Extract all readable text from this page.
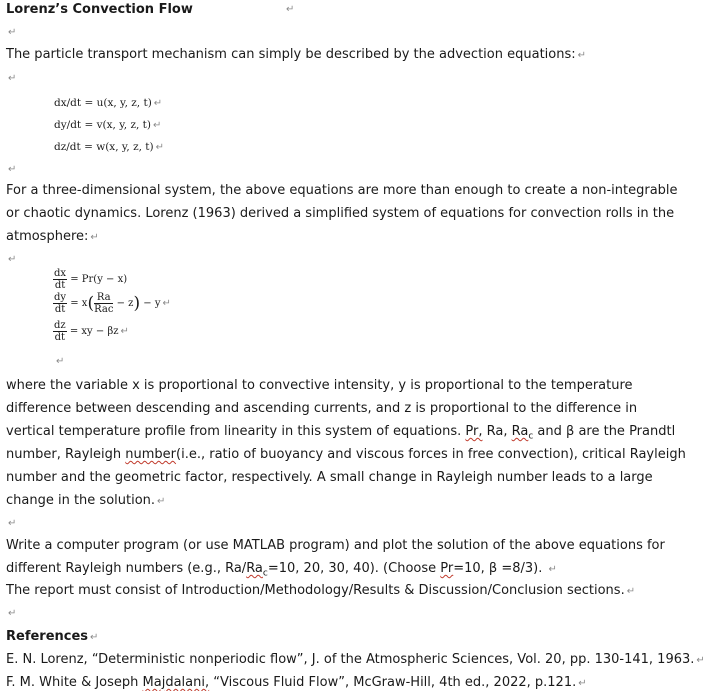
Lorenz’s Convection Flow	↵
↵
The particle transport mechanism can simply be described by the advection equations: ↵
↵
dx/dt = u(x, y, z, t) ↵
dy/dt = v(x, y, z, t) ↵
dz/dt = w(x, y, z, t) ↵
↵
For a three-dimensional system, the above equations are more than enough to create a non-integrable
or chaotic dynamics. Lorenz (1963) derived a simplified system of equations for convection rolls in the
atmosphere: ↵
↵
$\frac{dx}{dt} = Pr(y - x)$
$\frac{dy}{dt} = x( \frac{Ra}{\text{Rac}} - z) - y$ ↵
$\frac{dz}{dt}$ = xy − βz ↵
↵
where the variable x is proportional to convective intensity, y is proportional to the temperature
difference between descending and ascending currents, and z is proportional to the difference in
vertical temperature profile from linearity in this system of equations. Pr, Ra, $Ra_c$ and β are the Prandtl
number, Rayleigh number(i.e., ratio of buoyancy and viscous forces in free convection), critical Rayleigh
number and the geometric factor, respectively. A small change in Rayleigh number leads to a large
change in the solution. ↵
↵
Write a computer program (or use MATLAB program) and plot the solution of the above equations for
different Rayleigh numbers (e.g., $Ra/Ra_c=10$, 20, 30, 40). (Choose Pr=10, β =8/3). ↵
The report must consist of Introduction/Methodology/Results & Discussion/Conclusion sections. ↵
↵
References ↵
E. N. Lorenz, “Deterministic nonperiodic flow”, J. of the Atmospheric Sciences, Vol. 20, pp. 130-141, 1963. ↵
F. M. White & Joseph Majdalani, “Viscous Fluid Flow”, McGraw-Hill, 4th ed., 2022, p.121. ↵
